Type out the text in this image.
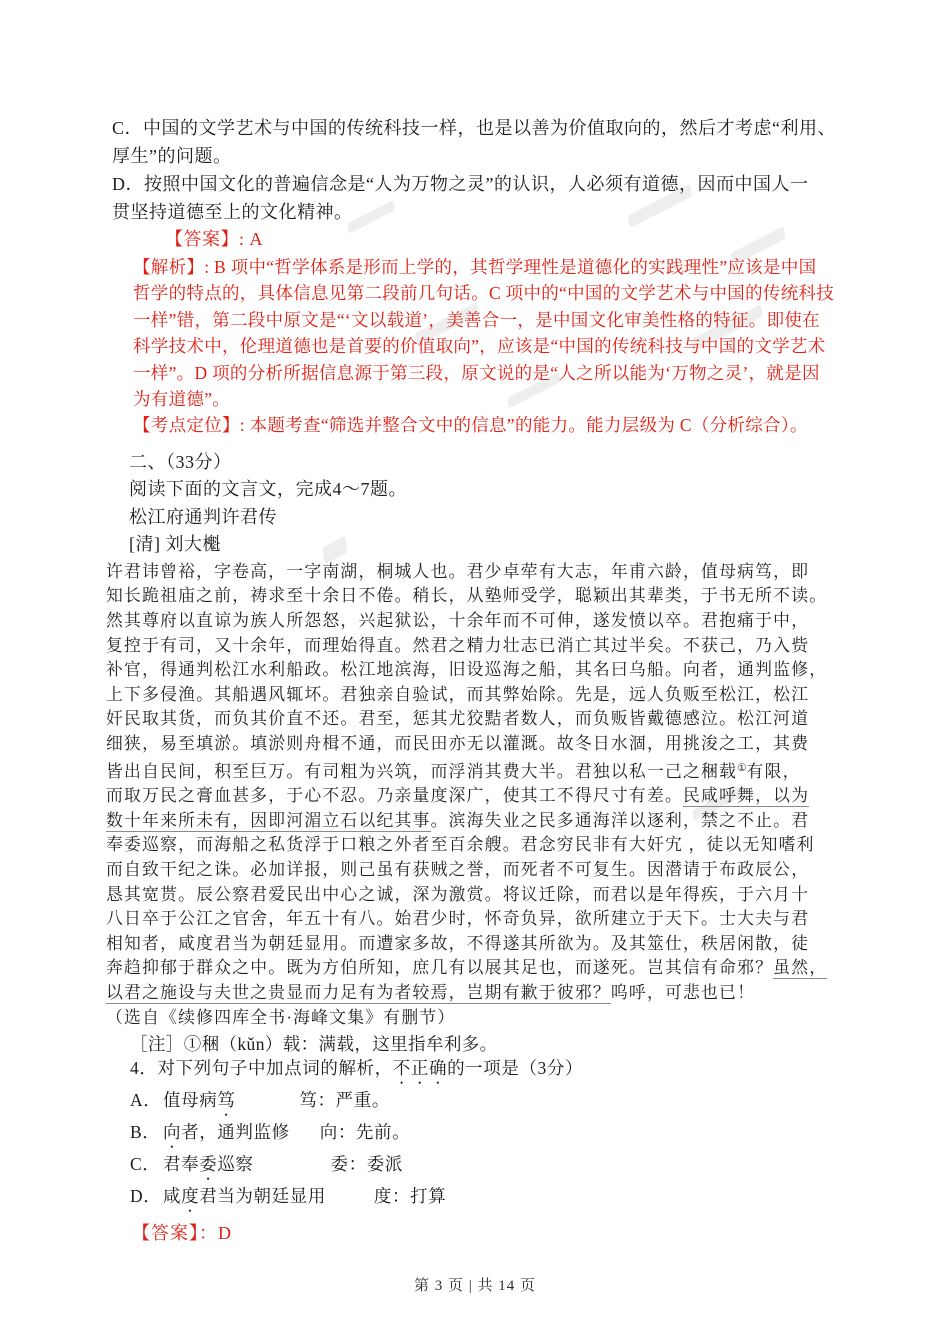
C．中国的文学艺术与中国的传统科技一样，也是以善为价值取向的，然后才考虑“利用、
厚生”的问题。
D．按照中国文化的普遍信念是“人为万物之灵”的认识，人必须有道德，因而中国人一
贯坚持道德至上的文化精神。
【答案】: A
【解析】: B 项中“哲学体系是形而上学的，其哲学理性是道德化的实践理性”应该是中国
哲学的特点的，具体信息见第二段前几句话。C 项中的“中国的文学艺术与中国的传统科技
一样”错，第二段中原文是“‘文以载道’，美善合一，是中国文化审美性格的特征。即使在
科学技术中，伦理道德也是首要的价值取向”，应该是“中国的传统科技与中国的文学艺术
一样”。D 项的分析所据信息源于第三段，原文说的是“人之所以能为‘万物之灵’，就是因
为有道德”。
【考点定位】: 本题考查“筛选并整合文中的信息”的能力。能力层级为 C（分析综合）。
二、（33分）
阅读下面的文言文，完成4～7题。
松江府通判许君传
[清] 刘大櫆
许君讳曾裕，字卷高，一字南湖，桐城人也。君少卓荦有大志，年甫六龄，值母病笃，即
知长跪祖庙之前，祷求至十余日不倦。稍长，从塾师受学，聪颖出其辈类，于书无所不读。
然其尊府以直谅为族人所怨怒，兴起狱讼，十余年而不可伸，遂发愤以卒。君抱痛于中，
复控于有司，又十余年，而理始得直。然君之精力壮志已消亡其过半矣。不获己，乃入赀
补官，得通判松江水利船政。松江地滨海，旧设巡海之船，其名曰乌船。向者，通判监修，
上下多侵渔。其船遇风辄坏。君独亲自验试，而其弊始除。先是，远人负贩至松江，松江
奸民取其货，而负其价直不还。君至，惩其尤狡黠者数人，而负贩皆戴德感泣。松江河道
细狭，易至填淤。填淤则舟楫不通，而民田亦无以灌溉。故冬日水涸，用挑浚之工，其费
皆出自民间，积至巨万。有司粗为兴筑，而浮消其费大半。君独以私一己之稇载①有限，
而取万民之膏血甚多，于心不忍。乃亲量度深广，使其工不得尺寸有差。民咸呼舞，以为
数十年来所未有，因即河湄立石以纪其事。滨海失业之民多通海洋以逐利，禁之不止。君
奉委巡察，而海船之私货浮于口粮之外者至百余艘。君念穷民非有大奸宄 ，徒以无知嗜利
而自致干纪之诛。必加详报，则己虽有获贼之誉，而死者不可复生。因潜请于布政辰公，
恳其宽贳。辰公察君爱民出中心之诚，深为激赏。将议迁除，而君以是年得疾，于六月十
八日卒于公江之官舍，年五十有八。始君少时，怀奇负异，欲所建立于天下。士大夫与君
相知者，咸度君当为朝廷显用。而遭家多故，不得遂其所欲为。及其筮仕，秩居闲散，徒
奔趋抑郁于群众之中。既为方伯所知，庶几有以展其足也，而遂死。岂其信有命邪？虽然，
以君之施设与夫世之贵显而力足有为者较焉，岂期有歉于彼邪？呜呼，可悲也已！
（选自《续修四库全书·海峰文集》有删节）
［注］①稇（kǔn）载：满载，这里指牟利多。
4．对下列句子中加点词的解析，不正确的一项是（3分）
A．值母病笃	笃：严重。
B． 向者，通判监修 向：先前。
C． 君奉委巡察	委：委派
D．咸度君当为朝廷显用	度：打算
【答案】：D
第 3 页 | 共 14 页
